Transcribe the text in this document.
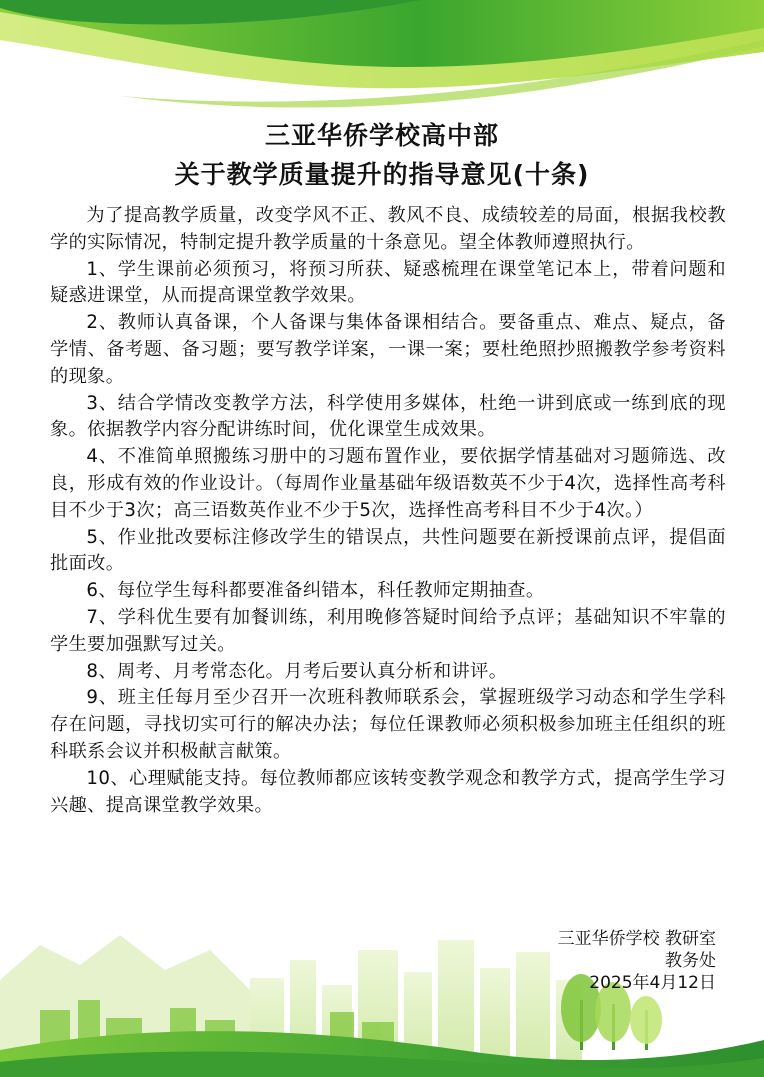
三亚华侨学校高中部
关于教学质量提升的指导意见(十条)

为了提高教学质量，改变学风不正、教风不良、成绩较差的局面，根据我校教学的实际情况，特制定提升教学质量的十条意见。望全体教师遵照执行。

1、学生课前必须预习，将预习所获、疑惑梳理在课堂笔记本上，带着问题和疑惑进课堂，从而提高课堂教学效果。

2、教师认真备课，个人备课与集体备课相结合。要备重点、难点、疑点，备学情、备考题、备习题；要写教学详案，一课一案；要杜绝照抄照搬教学参考资料的现象。

3、结合学情改变教学方法，科学使用多媒体，杜绝一讲到底或一练到底的现象。依据教学内容分配讲练时间，优化课堂生成效果。

4、不准简单照搬练习册中的习题布置作业，要依据学情基础对习题筛选、改良，形成有效的作业设计。（每周作业量基础年级语数英不少于4次，选择性高考科目不少于3次；高三语数英作业不少于5次，选择性高考科目不少于4次。）

5、作业批改要标注修改学生的错误点，共性问题要在新授课前点评，提倡面批面改。

6、每位学生每科都要准备纠错本，科任教师定期抽查。

7、学科优生要有加餐训练，利用晚修答疑时间给予点评；基础知识不牢靠的学生要加强默写过关。

8、周考、月考常态化。月考后要认真分析和讲评。

9、班主任每月至少召开一次班科教师联系会，掌握班级学习动态和学生学科存在问题，寻找切实可行的解决办法；每位任课教师必须积极参加班主任组织的班科联系会议并积极献言献策。

10、心理赋能支持。每位教师都应该转变教学观念和教学方式，提高学生学习兴趣、提高课堂教学效果。

三亚华侨学校 教研室
教务处
2025年4月12日
